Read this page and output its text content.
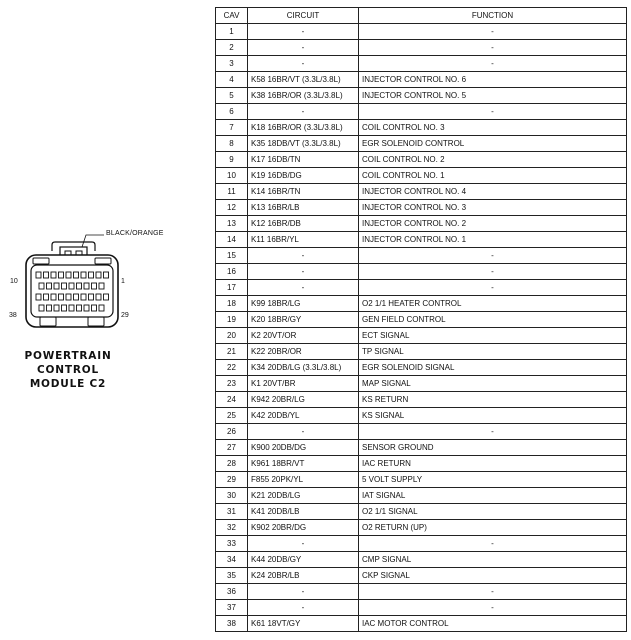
BLACK/ORANGE
10	1
38	29
POWERTRAIN
CONTROL
MODULE C2
CAV	CIRCUIT	FUNCTION
1	-	-
2	-	-
3	-	-
4	K58 16BR/VT (3.3L/3.8L)	INJECTOR CONTROL NO. 6
5	K38 16BR/OR (3.3L/3.8L)	INJECTOR CONTROL NO. 5
6	-	-
7	K18 16BR/OR (3.3L/3.8L)	COIL CONTROL NO. 3
8	K35 18DB/VT (3.3L/3.8L)	EGR SOLENOID CONTROL
9	K17 16DB/TN	COIL CONTROL NO. 2
10	K19 16DB/DG	COIL CONTROL NO. 1
11	K14 16BR/TN	INJECTOR CONTROL NO. 4
12	K13 16BR/LB	INJECTOR CONTROL NO. 3
13	K12 16BR/DB	INJECTOR CONTROL NO. 2
14	K11 16BR/YL	INJECTOR CONTROL NO. 1
15	-	-
16	-	-
17	-	-
18	K99 18BR/LG	O2 1/1 HEATER CONTROL
19	K20 18BR/GY	GEN FIELD CONTROL
20	K2 20VT/OR	ECT SIGNAL
21	K22 20BR/OR	TP SIGNAL
22	K34 20DB/LG (3.3L/3.8L)	EGR SOLENOID SIGNAL
23	K1 20VT/BR	MAP SIGNAL
24	K942 20BR/LG	KS RETURN
25	K42 20DB/YL	KS SIGNAL
26	-	-
27	K900 20DB/DG	SENSOR GROUND
28	K961 18BR/VT	IAC RETURN
29	F855 20PK/YL	5 VOLT SUPPLY
30	K21 20DB/LG	IAT SIGNAL
31	K41 20DB/LB	O2 1/1 SIGNAL
32	K902 20BR/DG	O2 RETURN (UP)
33	-	-
34	K44 20DB/GY	CMP SIGNAL
35	K24 20BR/LB	CKP SIGNAL
36	-	-
37	-	-
38	K61 18VT/GY	IAC MOTOR CONTROL
